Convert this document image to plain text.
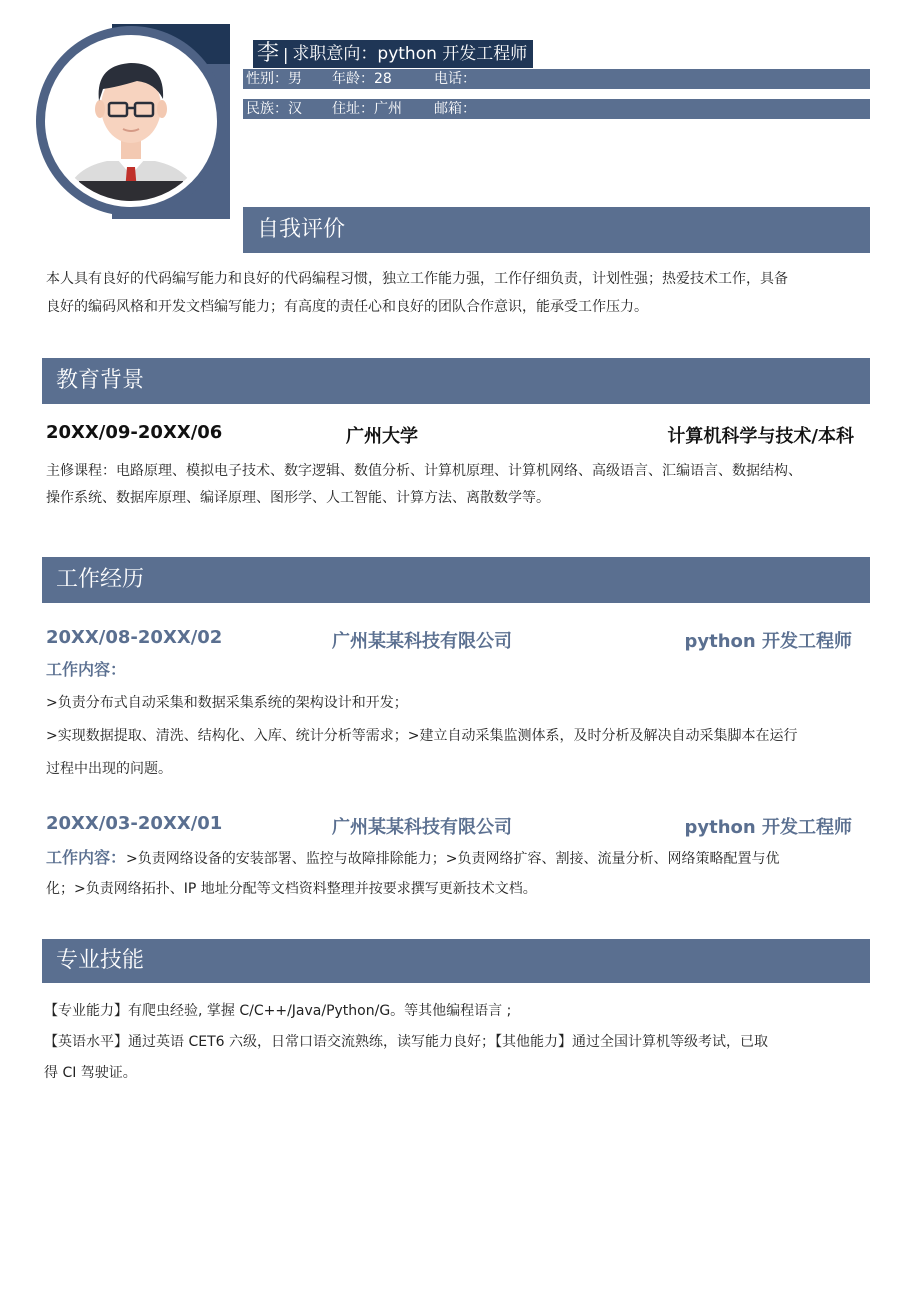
李 | 求职意向：python 开发工程师
性别：男 年龄：28	电话：
民族：汉 住址：广州 邮箱：
自我评价
本人具有良好的代码编写能力和良好的代码编程习惯，独立工作能力强，工作仔细负责，计划性强；热爱技术工作，具备
良好的编码风格和开发文档编写能力；有高度的责任心和良好的团队合作意识，能承受工作压力。
教育背景
20XX/09-20XX/06	广州大学	计算机科学与技术/本科
主修课程：电路原理、模拟电子技术、数字逻辑、数值分析、计算机原理、计算机网络、高级语言、汇编语言、数据结构、
操作系统、数据库原理、编译原理、图形学、人工智能、计算方法、离散数学等。
工作经历
20XX/08-20XX/02	广州某某科技有限公司	python 开发工程师
工作内容：
>负责分布式自动采集和数据采集系统的架构设计和开发；
>实现数据提取、清洗、结构化、入库、统计分析等需求；>建立自动采集监测体系，及时分析及解决自动采集脚本在运行
过程中出现的问题。
20XX/03-20XX/01	广州某某科技有限公司	python 开发工程师
工作内容：>负责网络设备的安装部署、监控与故障排除能力；>负责网络扩容、割接、流量分析、网络策略配置与优
化；>负责网络拓扑、IP 地址分配等文档资料整理并按要求撰写更新技术文档。
专业技能
【专业能力】有爬虫经验, 掌握 C/C++/Java/Python/G。等其他编程语言 ;
【英语水平】通过英语 CET6 六级，日常口语交流熟练，读写能力良好；【其他能力】通过全国计算机等级考试，已取
得 CI 驾驶证。
